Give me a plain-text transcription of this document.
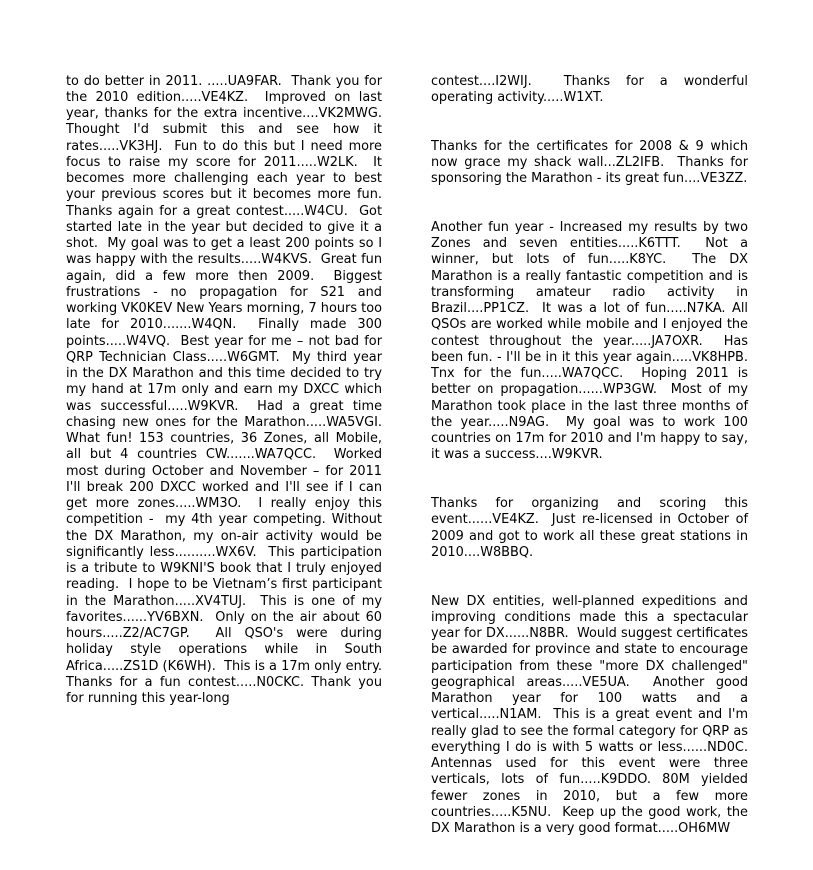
to do better in 2011. .....UA9FAR.  Thank you for the 2010 edition.....VE4KZ.  Improved on last year, thanks for the extra incentive....VK2MWG.  Thought I'd submit this and see how it rates.....VK3HJ.  Fun to do this but I need more focus to raise my score for 2011.....W2LK.  It becomes more challenging each year to best your previous scores but it becomes more fun.  Thanks again for a great contest.....W4CU.  Got started late in the year but decided to give it a shot.  My goal was to get a least 200 points so I was happy with the results.....W4KVS.  Great fun again, did a few more then 2009.  Biggest frustrations - no propagation for S21 and working VK0KEV New Years morning, 7 hours too late for 2010.......W4QN.  Finally made 300 points.....W4VQ.  Best year for me – not bad for QRP Technician Class.....W6GMT.  My third year in the DX Marathon and this time decided to try my hand at 17m only and earn my DXCC which was successful.....W9KVR.  Had a great time chasing new ones for the Marathon.....WA5VGI.  What fun! 153 countries, 36 Zones, all Mobile, all but 4 countries CW.......WA7QCC.  Worked most during October and November – for 2011 I'll break 200 DXCC worked and I'll see if I can get more zones.....WM3O.  I really enjoy this competition -  my 4th year competing. Without the DX Marathon, my on-air activity would be significantly less..........WX6V.  This participation is a tribute to W9KNI'S book that I truly enjoyed reading.  I hope to be Vietnam’s first participant in the Marathon.....XV4TUJ.  This is one of my favorites......YV6BXN.  Only on the air about 60 hours.....Z2/AC7GP.  All QSO's were during holiday style operations while in South Africa.....ZS1D (K6WH).  This is a 17m only entry.  Thanks for a fun contest.....N0CKC. Thank you for running this year-long

contest....I2WIJ.  Thanks for a wonderful operating activity.....W1XT.

Thanks for the certificates for 2008 & 9 which now grace my shack wall...ZL2IFB.  Thanks for sponsoring the Marathon - its great fun....VE3ZZ.

Another fun year - Increased my results by two Zones and seven entities.....K6TTT.  Not a winner, but lots of fun.....K8YC.  The DX Marathon is a really fantastic competition and is transforming amateur radio activity in Brazil....PP1CZ.  It was a lot of fun.....N7KA. All QSOs are worked while mobile and I enjoyed the contest throughout the year.....JA7OXR.  Has been fun. - I'll be in it this year again.....VK8HPB.  Tnx for the fun.....WA7QCC.  Hoping 2011 is better on propagation......WP3GW.  Most of my Marathon took place in the last three months of the year.....N9AG.  My goal was to work 100 countries on 17m for 2010 and I'm happy to say, it was a success....W9KVR.

Thanks for organizing and scoring this event......VE4KZ.  Just re-licensed in October of 2009 and got to work all these great stations in 2010....W8BBQ.

New DX entities, well-planned expeditions and improving conditions made this a spectacular year for DX......N8BR.  Would suggest certificates be awarded for province and state to encourage participation from these "more DX challenged" geographical areas.....VE5UA.  Another good Marathon year for 100 watts and a vertical.....N1AM.  This is a great event and I'm really glad to see the formal category for QRP as everything I do is with 5 watts or less......ND0C.  Antennas used for this event were three verticals, lots of fun.....K9DDO. 80M yielded fewer zones in 2010, but a few more countries.....K5NU.  Keep up the good work, the DX Marathon is a very good format.....OH6MW
